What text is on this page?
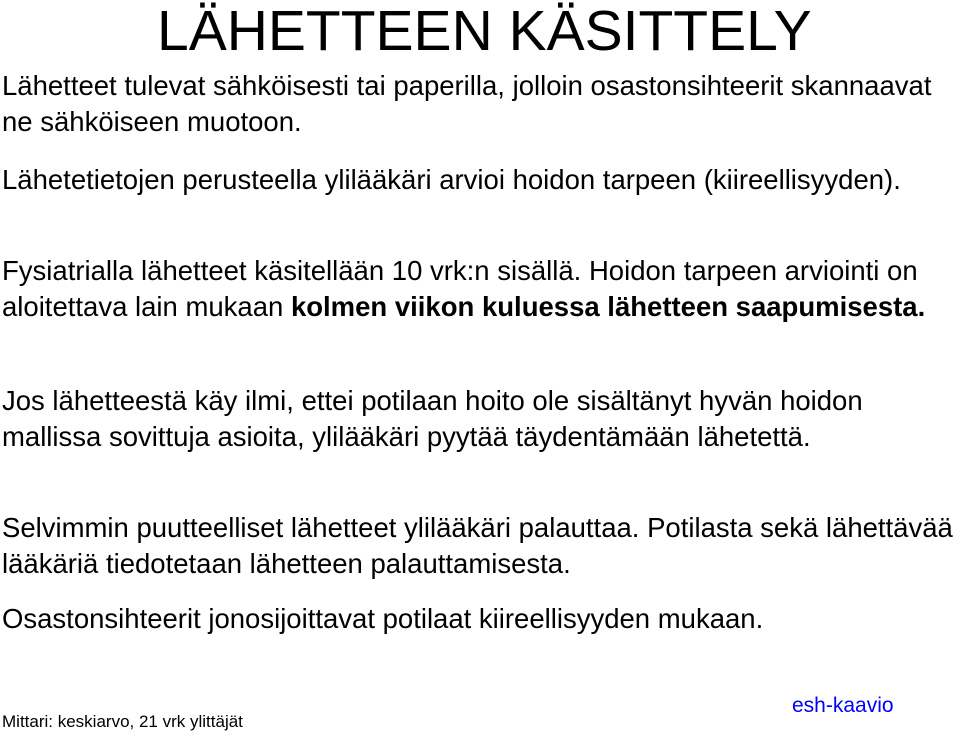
LÄHETTEEN KÄSITTELY

Lähetteet tulevat sähköisesti tai paperilla, jolloin osastonsihteerit skannaavat ne sähköiseen muotoon.

Lähetetietojen perusteella ylilääkäri arvioi hoidon tarpeen (kiireellisyyden).

Fysiatrialla lähetteet käsitellään 10 vrk:n sisällä. Hoidon tarpeen arviointi on aloitettava lain mukaan kolmen viikon kuluessa lähetteen saapumisesta.

Jos lähetteestä käy ilmi, ettei potilaan hoito ole sisältänyt hyvän hoidon mallissa sovittuja asioita, ylilääkäri pyytää täydentämään lähetettä.

Selvimmin puutteelliset lähetteet ylilääkäri palauttaa. Potilasta sekä lähettävää lääkäriä tiedotetaan lähetteen palauttamisesta.

Osastonsihteerit jonosijoittavat potilaat kiireellisyyden mukaan.

Mittari: keskiarvo, 21 vrk ylittäjät
esh-kaavio
